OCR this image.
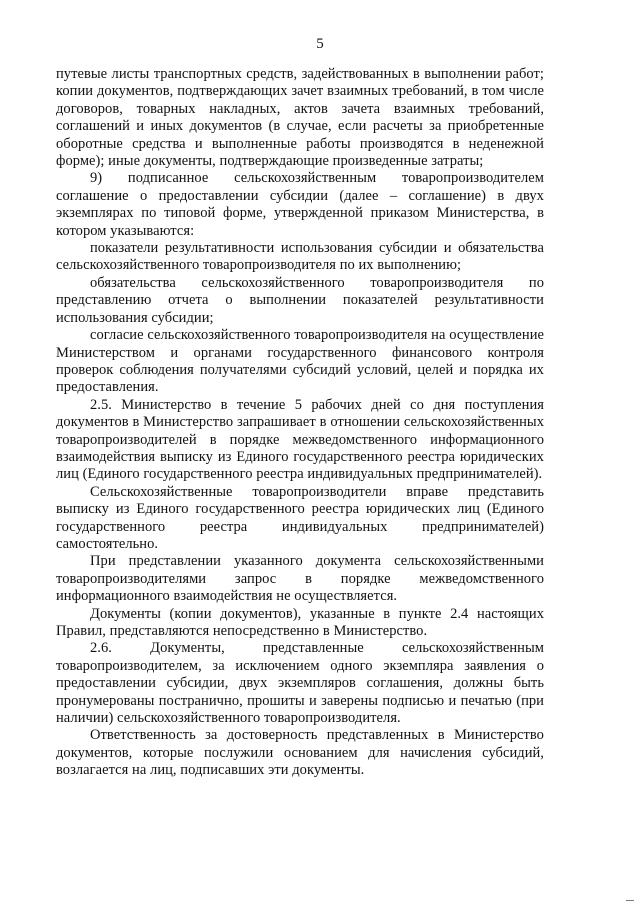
5

путевые листы транспортных средств, задействованных в выполнении работ; копии документов, подтверждающих зачет взаимных требований, в том числе договоров, товарных накладных, актов зачета взаимных требований, соглашений и иных документов (в случае, если расчеты за приобретенные оборотные средства и выполненные работы производятся в неденежной форме); иные документы, подтверждающие произведенные затраты;

9) подписанное сельскохозяйственным товаропроизводителем соглашение о предоставлении субсидии (далее – соглашение) в двух экземплярах по типовой форме, утвержденной приказом Министерства, в котором указываются:

показатели результативности использования субсидии и обязательства сельскохозяйственного товаропроизводителя по их выполнению;

обязательства сельскохозяйственного товаропроизводителя по представлению отчета о выполнении показателей результативности использования субсидии;

согласие сельскохозяйственного товаропроизводителя на осуществление Министерством и органами государственного финансового контроля проверок соблюдения получателями субсидий условий, целей и порядка их предоставления.

2.5. Министерство в течение 5 рабочих дней со дня поступления документов в Министерство запрашивает в отношении сельскохозяйственных товаропроизводителей в порядке межведомственного информационного взаимодействия выписку из Единого государственного реестра юридических лиц (Единого государственного реестра индивидуальных предпринимателей).

Сельскохозяйственные товаропроизводители вправе представить выписку из Единого государственного реестра юридических лиц (Единого государственного реестра индивидуальных предпринимателей) самостоятельно.

При представлении указанного документа сельскохозяйственными товаропроизводителями запрос в порядке межведомственного информационного взаимодействия не осуществляется.

Документы (копии документов), указанные в пункте 2.4 настоящих Правил, представляются непосредственно в Министерство.

2.6. Документы, представленные сельскохозяйственным товаропроизводителем, за исключением одного экземпляра заявления о предоставлении субсидии, двух экземпляров соглашения, должны быть пронумерованы постранично, прошиты и заверены подписью и печатью (при наличии) сельскохозяйственного товаропроизводителя.

Ответственность за достоверность представленных в Министерство документов, которые послужили основанием для начисления субсидий, возлагается на лиц, подписавших эти документы.
